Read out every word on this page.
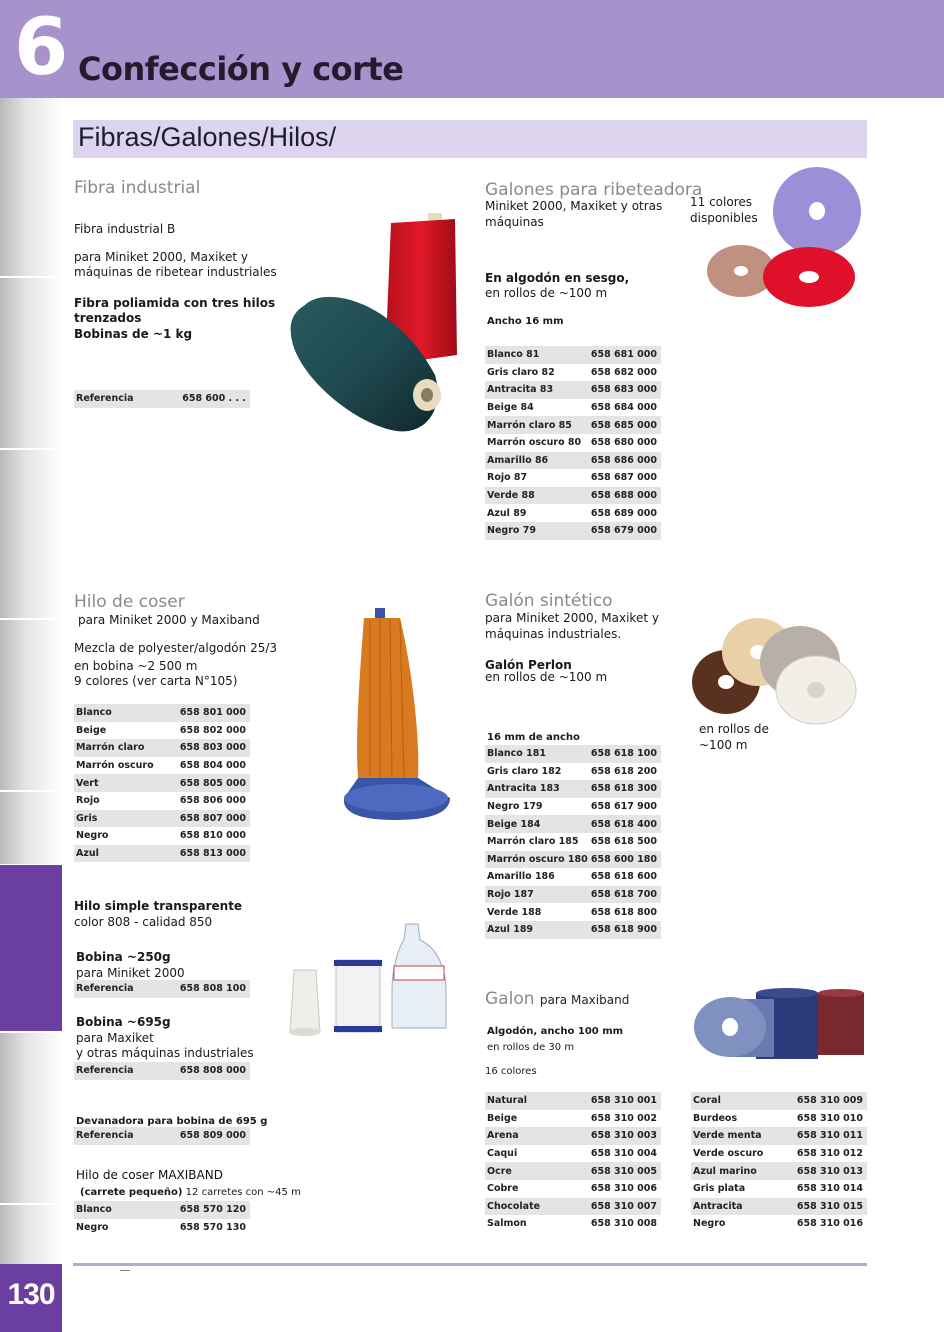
6 Confección y corte
130
Fibras/Galones/Hilos/
Fibra industrial
Fibra industrial B
para Miniket 2000, Maxiket y
máquinas de ribetear industriales
Fibra poliamida con tres hilos
trenzados
Bobinas de ~1 kg
Referencia	658 600 . . .
Galones para ribeteadora
Miniket 2000, Maxiket y otras
máquinas
11 colores
disponibles
En algodón en sesgo,
en rollos de ~100 m
Ancho 16 mm
Blanco 81	658 681 000
Gris claro 82	658 682 000
Antracita 83	658 683 000
Beige 84	658 684 000
Marrón claro 85	658 685 000
Marrón oscuro 80	658 680 000
Amarillo 86	658 686 000
Rojo 87	658 687 000
Verde 88	658 688 000
Azul 89	658 689 000
Negro 79	658 679 000
Hilo de coser
para Miniket 2000 y Maxiband
Mezcla de polyester/algodón 25/3
en bobina ~2 500 m
9 colores (ver carta N°105)
Blanco	658 801 000
Beige	658 802 000
Marrón claro	658 803 000
Marrón oscuro	658 804 000
Vert	658 805 000
Rojo	658 806 000
Gris	658 807 000
Negro	658 810 000
Azul	658 813 000
Hilo simple transparente
color 808 - calidad 850
Bobina ~250g
para Miniket 2000
Referencia	658 808 100
Bobina ~695g
para Maxiket
y otras máquinas industriales
Referencia	658 808 000
Devanadora para bobina de 695 g
Referencia	658 809 000
Hilo de coser MAXIBAND
(carrete pequeño) 12 carretes con ~45 m
Blanco	658 570 120
Negro	658 570 130
Galón sintético
para Miniket 2000, Maxiket y
máquinas industriales.
Galón Perlon
en rollos de ~100 m
en rollos de
~100 m
16 mm de ancho
Blanco 181	658 618 100
Gris claro 182	658 618 200
Antracita 183	658 618 300
Negro 179	658 617 900
Beige 184	658 618 400
Marrón claro 185	658 618 500
Marrón oscuro 180 658 600 180
Amarillo 186	658 618 600
Rojo 187	658 618 700
Verde 188	658 618 800
Azul 189	658 618 900
Galon para Maxiband
Algodón, ancho 100 mm
en rollos de 30 m
16 colores
Natural	658 310 001
Beige	658 310 002
Arena	658 310 003
Caqui	658 310 004
Ocre	658 310 005
Cobre	658 310 006
Chocolate	658 310 007
Salmon	658 310 008
Coral	658 310 009
Burdeos	658 310 010
Verde menta	658 310 011
Verde oscuro	658 310 012
Azul marino	658 310 013
Gris plata	658 310 014
Antracita	658 310 015
Negro	658 310 016
